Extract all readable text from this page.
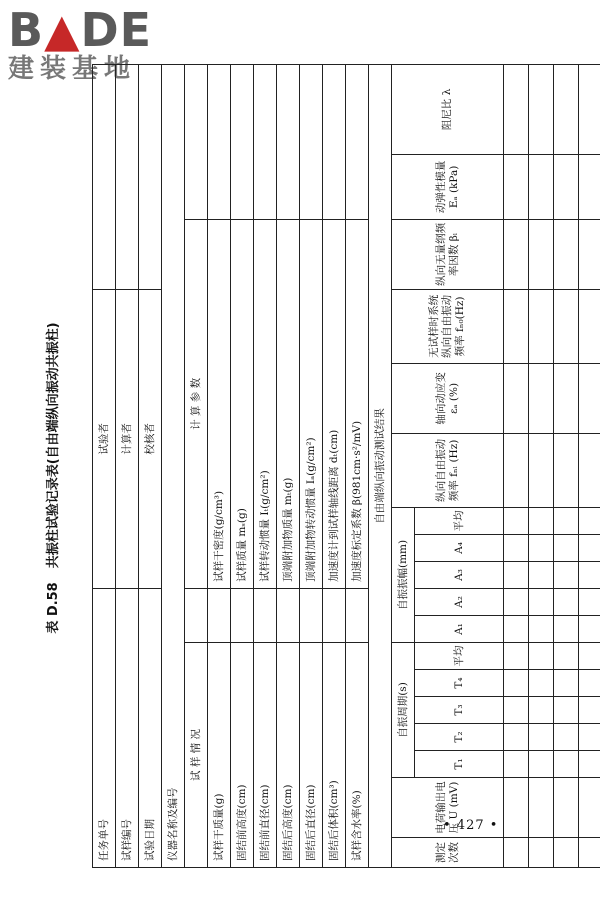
B▲DE
建装基地
表 D.58共振柱试验记录表(自由端纵向振动共振柱)
任务单号									试验者								
试样编号									计算者								
试验日期									校核者								
仪器名称及编号																	
试 样 情 况									计 算 参 数								
试样干质量(g)									试样干密度(g/cm³)								
固结前高度(cm)									试样质量 mₛ(g)								
固结前直径(cm)									试样转动惯量 Iₜ(g/cm²)								
固结后高度(cm)									顶端附加物质量 mₜ(g)								
固结后直径(cm)									顶端附加物转动惯量 Iₐ(g/cm²)								
固结后体积(cm³)									加速度计到试样轴线距离 dₜ(cm)								
试样含水率(%)									加速度标定系数 β(981cm·s²/mV)								
自由端纵向振动测试结果																	
测定次数	电荷输出电压 U (mV)	自振周期(s)					自振振幅(mm)					纵向自由振动频率 fₙₗ (Hz)	轴向动应变 εₐ (%)	无试样时系统纵向自由振动频率 fₙ₀(Hz)	纵向无量纲频率因数 βₗ	动弹性模量 Eₐ (kPa)	阻尼比 λ
		T₁	T₂	T₃	T₄	平均	A₁	A₂	A₃	A₄	平均						

• 427 •
